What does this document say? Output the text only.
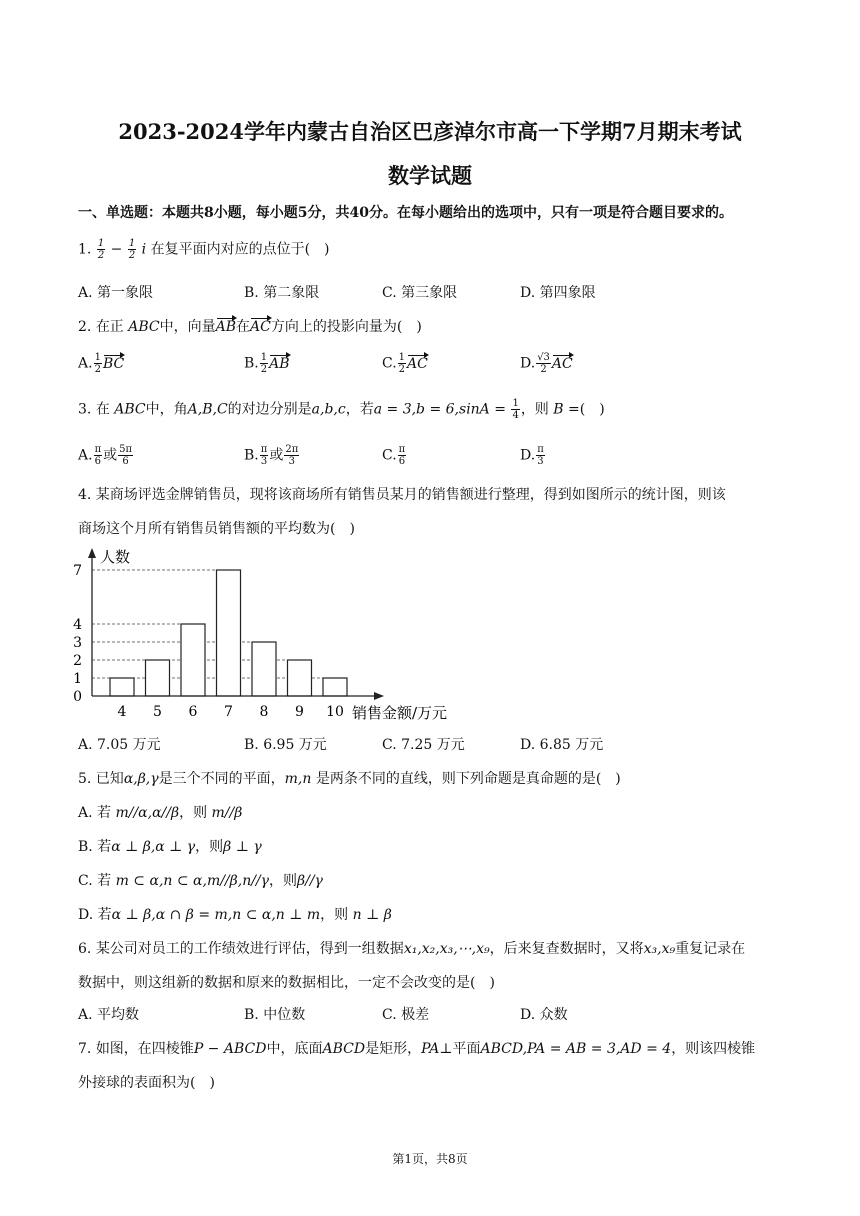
2023-2024学年内蒙古自治区巴彦淖尔市高一下学期7月期末考试
数学试题
一、单选题：本题共8小题，每小题5分，共40分。在每小题给出的选项中，只有一项是符合题目要求的。
1. $\frac{1}{2} - \frac{1}{2}$ i 在复平面内对应的点位于(　)
A. 第一象限	B. 第二象限	C. 第三象限	D. 第四象限
2. 在正 ABC中，向量AB在AC方向上的投影向量为(　)
A. $\frac{1}{2}$ BC	B. $\frac{1}{2}$ AB	C. $\frac{1}{2}$ AC	D. $\frac{√3}{2}$ AC
3. 在 ABC中，角A,B,C的对边分别是a,b,c，若$a = 3,b = 6,\sin A = \frac{1}{4}$ ，则 B =(　)
A. $\frac{\pi}{6}$ 或 $\frac{5\pi}{6}$	B. $\frac{\pi}{3}$ 或 $\frac{2\pi}{3}$	C. $\frac{\pi}{6}$	D. $\frac{\pi}{3}$
4. 某商场评选金牌销售员，现将该商场所有销售员某月的销售额进行整理，得到如图所示的统计图，则该
商场这个月所有销售员销售额的平均数为(　)
0
1
2
3
4
7
4 5 6 7 8 9 10
人数
销售金额/万元
A. 7.05 万元	B. 6.95 万元	C. 7.25 万元	D. 6.85 万元
5. 已知α,β,γ是三个不同的平面，m,n 是两条不同的直线，则下列命题是真命题的是(　)
A. 若 m//α,α//β，则 m//β
B. 若α ⊥ β,α ⊥ γ，则β ⊥ γ
C. 若 m ⊂ α,n ⊂ α,m//β,n//γ，则β//γ
D. 若α ⊥ β,α ∩ β = m,n ⊂ α,n ⊥ m，则 n ⊥ β
6. 某公司对员工的工作绩效进行评估，得到一组数据x₁,x₂,x₃,⋯,x₉，后来复查数据时，又将x₃,x₉重复记录在
数据中，则这组新的数据和原来的数据相比，一定不会改变的是(　)
A. 平均数	B. 中位数	C. 极差	D. 众数
7. 如图，在四棱锥P − ABCD中，底面ABCD是矩形，PA⊥平面ABCD,PA = AB = 3,AD = 4，则该四棱锥
外接球的表面积为(　)
第1页，共8页
